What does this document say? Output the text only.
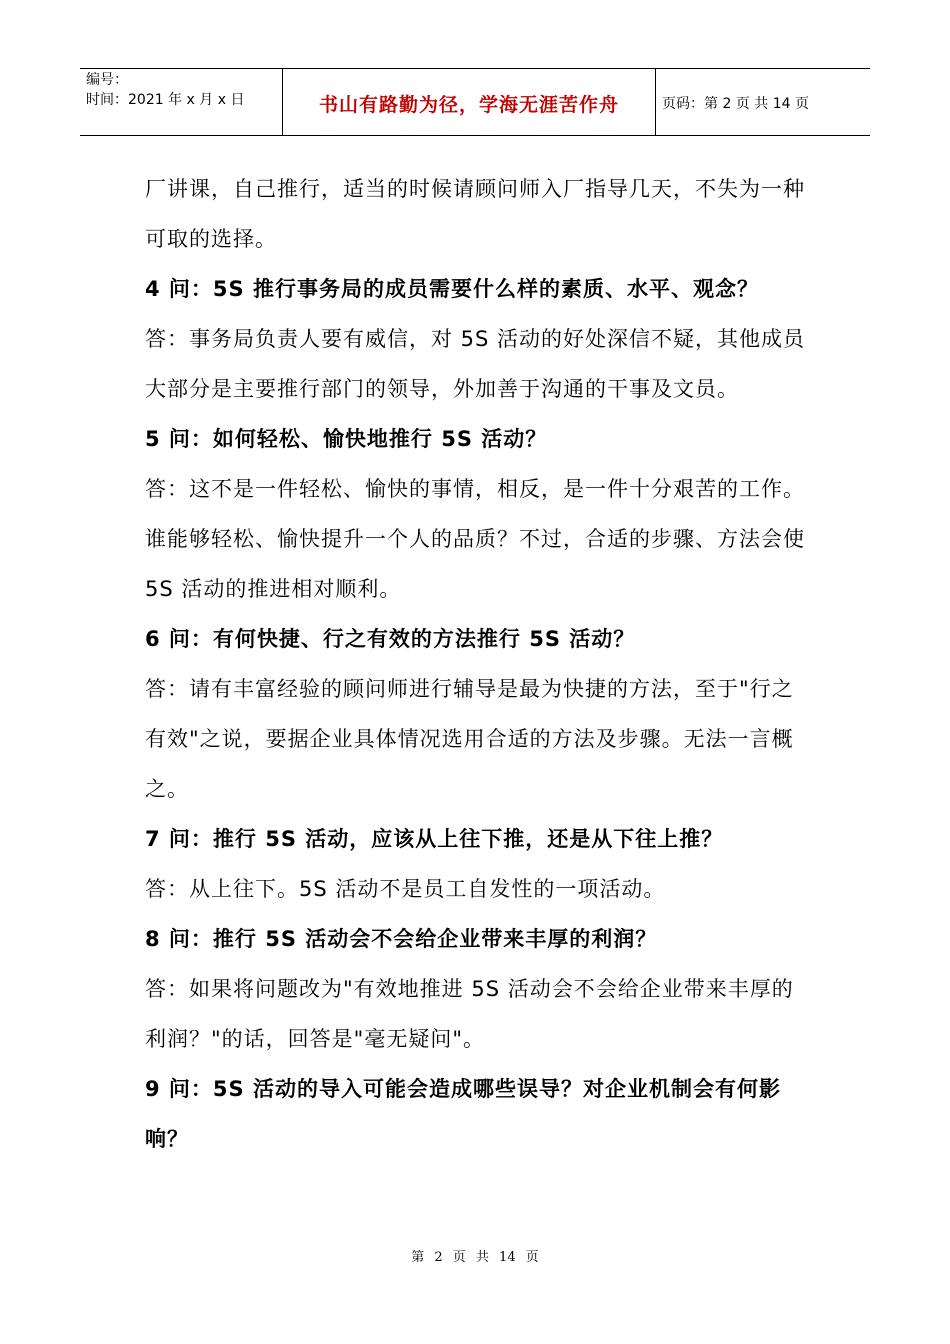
编号：
时间：2021 年 x 月 x 日	书山有路勤为径，学海无涯苦作舟	页码：第 2 页 共 14 页

厂讲课，自己推行，适当的时候请顾问师入厂指导几天，不失为一种可取的选择。

4 问：5S 推行事务局的成员需要什么样的素质、水平、观念？

答：事务局负责人要有威信，对 5S 活动的好处深信不疑，其他成员大部分是主要推行部门的领导，外加善于沟通的干事及文员。

5 问：如何轻松、愉快地推行 5S 活动？

答：这不是一件轻松、愉快的事情，相反，是一件十分艰苦的工作。谁能够轻松、愉快提升一个人的品质？不过，合适的步骤、方法会使 5S 活动的推进相对顺利。

6 问：有何快捷、行之有效的方法推行 5S 活动？

答：请有丰富经验的顾问师进行辅导是最为快捷的方法，至于"行之有效"之说，要据企业具体情况选用合适的方法及步骤。无法一言概之。

7 问：推行 5S 活动，应该从上往下推，还是从下往上推？

答：从上往下。5S 活动不是员工自发性的一项活动。

8 问：推行 5S 活动会不会给企业带来丰厚的利润？

答：如果将问题改为"有效地推进 5S 活动会不会给企业带来丰厚的利润？"的话，回答是"毫无疑问"。

9 问：5S 活动的导入可能会造成哪些误导？对企业机制会有何影响？

第 2 页 共 14 页
